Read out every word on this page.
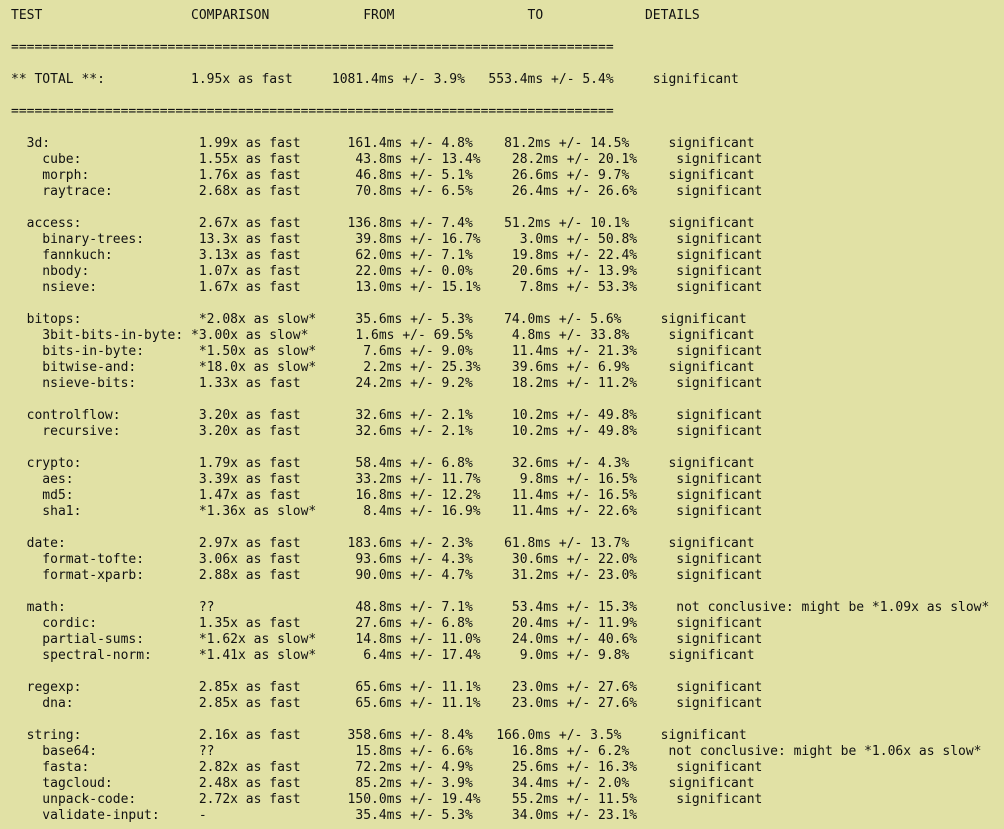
TEST                   COMPARISON            FROM                 TO             DETAILS
=============================================================================
** TOTAL **:           1.95x as fast     1081.4ms +/- 3.9%   553.4ms +/- 5.4%     significant
=============================================================================
3d:                   1.99x as fast      161.4ms +/- 4.8%    81.2ms +/- 14.5%     significant
cube:               1.55x as fast       43.8ms +/- 13.4%    28.2ms +/- 20.1%     significant
morph:              1.76x as fast       46.8ms +/- 5.1%     26.6ms +/- 9.7%     significant
raytrace:           2.68x as fast       70.8ms +/- 6.5%     26.4ms +/- 26.6%     significant
access:               2.67x as fast      136.8ms +/- 7.4%    51.2ms +/- 10.1%     significant
binary-trees:       13.3x as fast       39.8ms +/- 16.7%     3.0ms +/- 50.8%     significant
fannkuch:           3.13x as fast       62.0ms +/- 7.1%     19.8ms +/- 22.4%     significant
nbody:              1.07x as fast       22.0ms +/- 0.0%     20.6ms +/- 13.9%     significant
nsieve:             1.67x as fast       13.0ms +/- 15.1%     7.8ms +/- 53.3%     significant
bitops:               *2.08x as slow*     35.6ms +/- 5.3%    74.0ms +/- 5.6%     significant
3bit-bits-in-byte: *3.00x as slow*      1.6ms +/- 69.5%     4.8ms +/- 33.8%     significant
bits-in-byte:       *1.50x as slow*      7.6ms +/- 9.0%     11.4ms +/- 21.3%     significant
bitwise-and:        *18.0x as slow*      2.2ms +/- 25.3%    39.6ms +/- 6.9%     significant
nsieve-bits:        1.33x as fast       24.2ms +/- 9.2%     18.2ms +/- 11.2%     significant
controlflow:          3.20x as fast       32.6ms +/- 2.1%     10.2ms +/- 49.8%     significant
recursive:          3.20x as fast       32.6ms +/- 2.1%     10.2ms +/- 49.8%     significant
crypto:               1.79x as fast       58.4ms +/- 6.8%     32.6ms +/- 4.3%     significant
aes:                3.39x as fast       33.2ms +/- 11.7%     9.8ms +/- 16.5%     significant
md5:                1.47x as fast       16.8ms +/- 12.2%    11.4ms +/- 16.5%     significant
sha1:               *1.36x as slow*      8.4ms +/- 16.9%    11.4ms +/- 22.6%     significant
date:                 2.97x as fast      183.6ms +/- 2.3%    61.8ms +/- 13.7%     significant
format-tofte:       3.06x as fast       93.6ms +/- 4.3%     30.6ms +/- 22.0%     significant
format-xparb:       2.88x as fast       90.0ms +/- 4.7%     31.2ms +/- 23.0%     significant
math:                 ??                  48.8ms +/- 7.1%     53.4ms +/- 15.3%     not conclusive: might be *1.09x as slow*
cordic:             1.35x as fast       27.6ms +/- 6.8%     20.4ms +/- 11.9%     significant
partial-sums:       *1.62x as slow*     14.8ms +/- 11.0%    24.0ms +/- 40.6%     significant
spectral-norm:      *1.41x as slow*      6.4ms +/- 17.4%     9.0ms +/- 9.8%     significant
regexp:               2.85x as fast       65.6ms +/- 11.1%    23.0ms +/- 27.6%     significant
dna:                2.85x as fast       65.6ms +/- 11.1%    23.0ms +/- 27.6%     significant
string:               2.16x as fast      358.6ms +/- 8.4%   166.0ms +/- 3.5%     significant
base64:             ??                  15.8ms +/- 6.6%     16.8ms +/- 6.2%     not conclusive: might be *1.06x as slow*
fasta:              2.82x as fast       72.2ms +/- 4.9%     25.6ms +/- 16.3%     significant
tagcloud:           2.48x as fast       85.2ms +/- 3.9%     34.4ms +/- 2.0%     significant
unpack-code:        2.72x as fast      150.0ms +/- 19.4%    55.2ms +/- 11.5%     significant
validate-input:     -                   35.4ms +/- 5.3%     34.0ms +/- 23.1%
